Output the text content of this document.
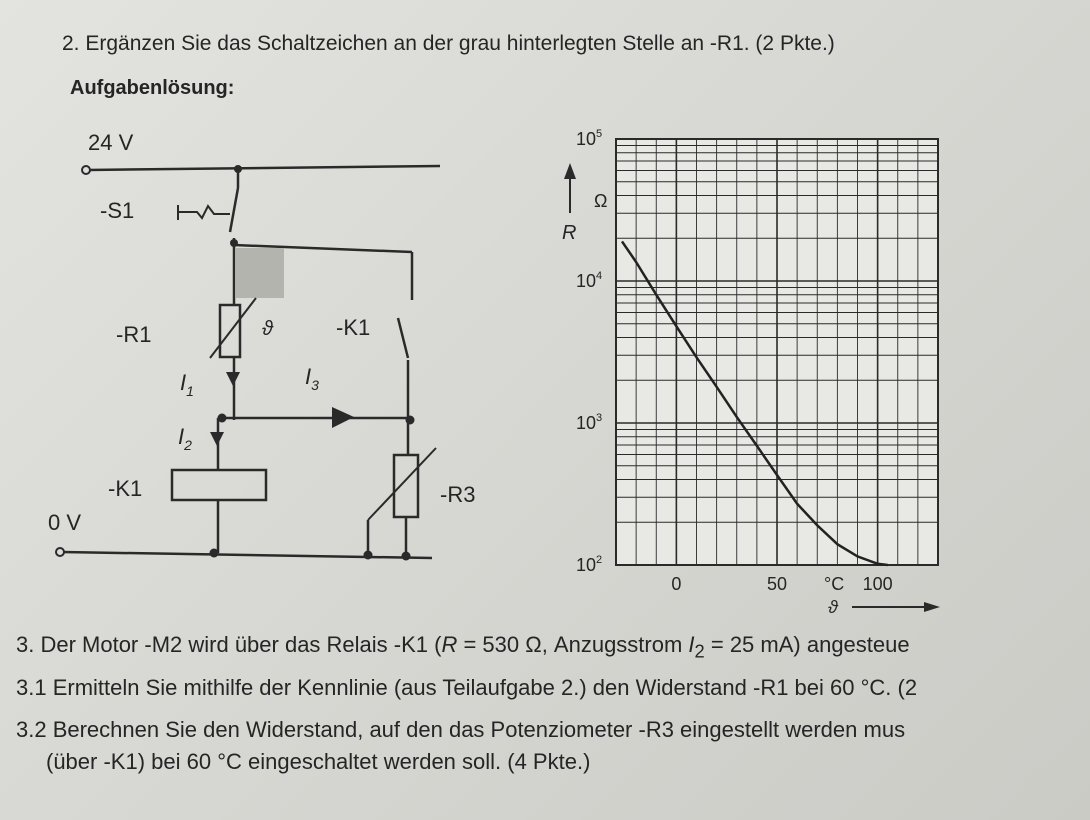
2. Ergänzen Sie das Schaltzeichen an der grau hinterlegten Stelle an -R1. (2 Pkte.)
Aufgabenlösung:
24 V
0 V
-S1
-R1	ϑ	-K1
-K1	-R3
$I_1$
$I_2$
$I_3$
R
Ω
$10^5$
$10^4$
$10^3$
$10^2$
0	50	100
°C
ϑ
3. Der Motor -M2 wird über das Relais -K1 (R = 530 Ω, Anzugsstrom $I_2 = 25$ mA) angesteue
3.1 Ermitteln Sie mithilfe der Kennlinie (aus Teilaufgabe 2.) den Widerstand -R1 bei 60 °C. (2
3.2 Berechnen Sie den Widerstand, auf den das Potenziometer -R3 eingestellt werden mus
(über -K1) bei 60 °C eingeschaltet werden soll. (4 Pkte.)
